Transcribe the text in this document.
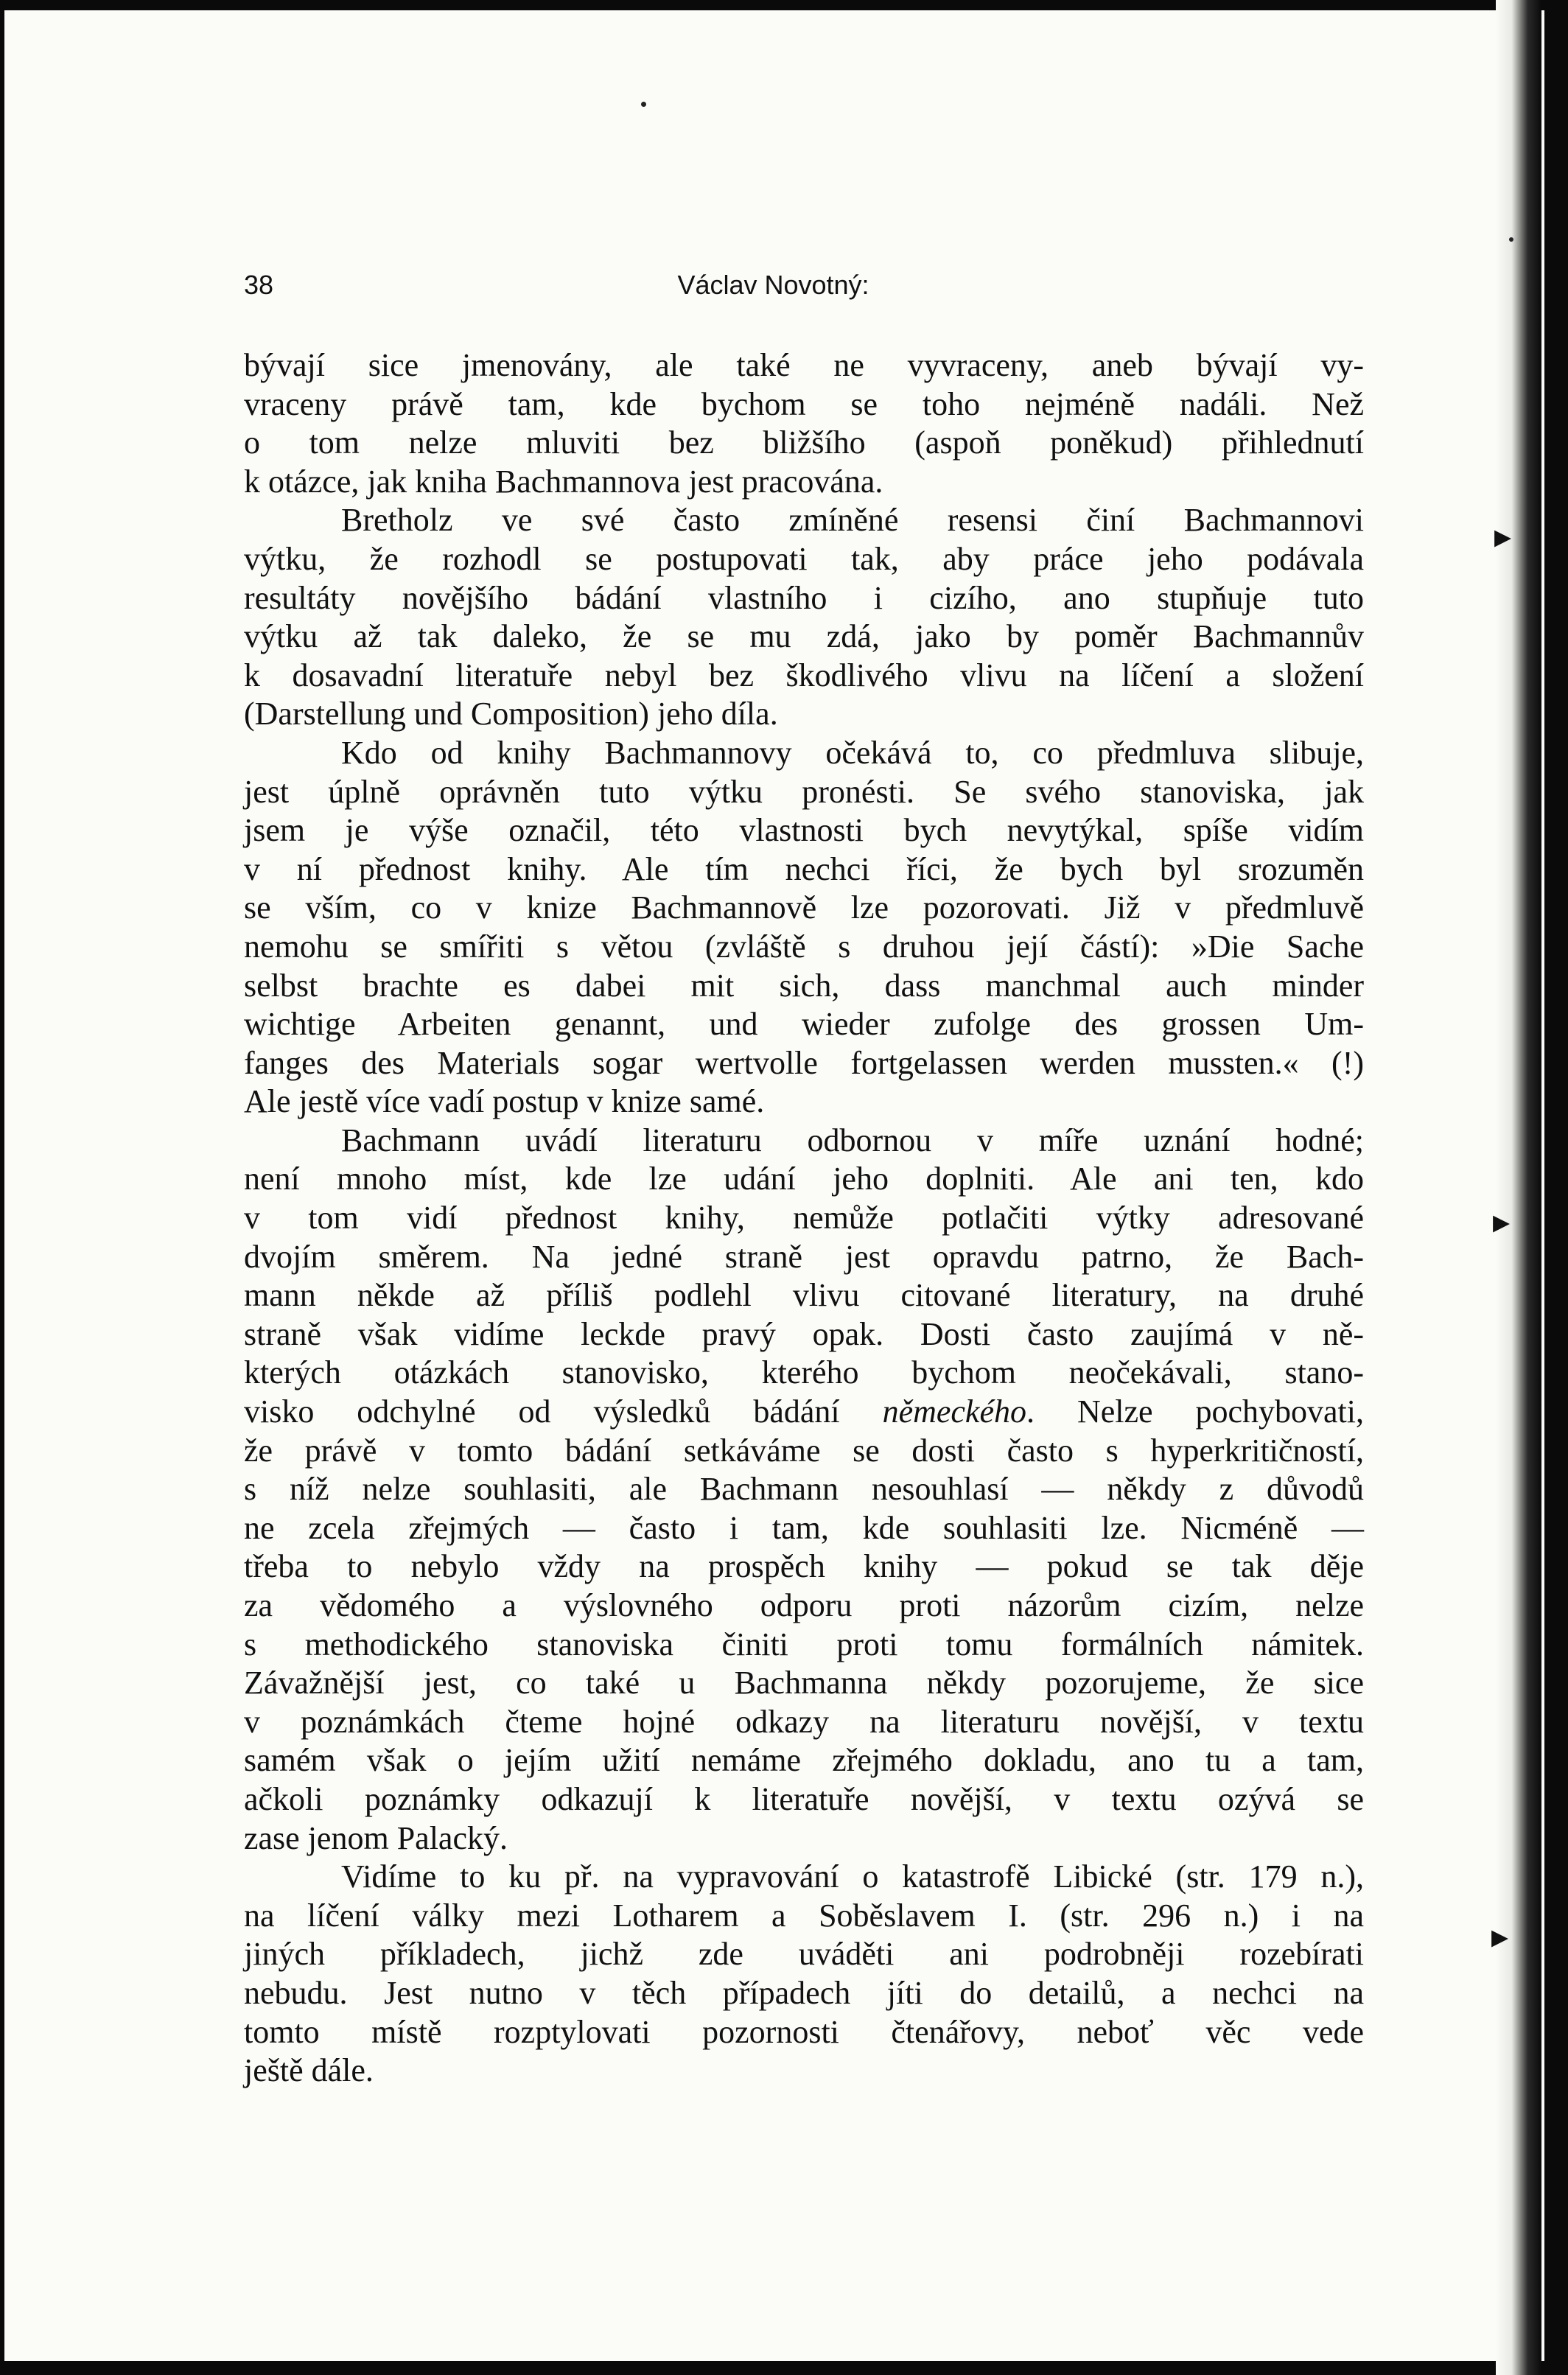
38	Václav Novotný:
bývají sice jmenovány, ale také ne vyvraceny, aneb bývají vy-
vraceny právě tam, kde bychom se toho nejméně nadáli. Než
o tom nelze mluviti bez bližšího (aspoň poněkud) přihlednutí
k otázce, jak kniha Bachmannova jest pracována.
Bretholz ve své často zmíněné resensi činí Bachmannovi
výtku, že rozhodl se postupovati tak, aby práce jeho podávala
resultáty novějšího bádání vlastního i cizího, ano stupňuje tuto
výtku až tak daleko, že se mu zdá, jako by poměr Bachmannův
k dosavadní literatuře nebyl bez škodlivého vlivu na líčení a složení
(Darstellung und Composition) jeho díla.
Kdo od knihy Bachmannovy očekává to, co předmluva slibuje,
jest úplně oprávněn tuto výtku pronésti. Se svého stanoviska, jak
jsem je výše označil, této vlastnosti bych nevytýkal, spíše vidím
v ní přednost knihy. Ale tím nechci říci, že bych byl srozuměn
se vším, co v knize Bachmannově lze pozorovati. Již v předmluvě
nemohu se smířiti s větou (zvláště s druhou její částí): »Die Sache
selbst brachte es dabei mit sich, dass manchmal auch minder
wichtige Arbeiten genannt, und wieder zufolge des grossen Um-
fanges des Materials sogar wertvolle fortgelassen werden mussten.« (!)
Ale jestě více vadí postup v knize samé.
Bachmann uvádí literaturu odbornou v míře uznání hodné;
není mnoho míst, kde lze udání jeho doplniti. Ale ani ten, kdo
v tom vidí přednost knihy, nemůže potlačiti výtky adresované
dvojím směrem. Na jedné straně jest opravdu patrno, že Bach-
mann někde až příliš podlehl vlivu citované literatury, na druhé
straně však vidíme leckde pravý opak. Dosti často zaujímá v ně-
kterých otázkách stanovisko, kterého bychom neočekávali, stano-
visko odchylné od výsledků bádání německého. Nelze pochybovati,
že právě v tomto bádání setkáváme se dosti často s hyperkritičností,
s níž nelze souhlasiti, ale Bachmann nesouhlasí — někdy z důvodů
ne zcela zřejmých — často i tam, kde souhlasiti lze. Nicméně —
třeba to nebylo vždy na prospěch knihy — pokud se tak děje
za vědomého a výslovného odporu proti názorům cizím, nelze
s methodického stanoviska činiti proti tomu formálních námitek.
Závažnější jest, co také u Bachmanna někdy pozorujeme, že sice
v poznámkách čteme hojné odkazy na literaturu novější, v textu
samém však o jejím užití nemáme zřejmého dokladu, ano tu a tam,
ačkoli poznámky odkazují k literatuře novější, v textu ozývá se
zase jenom Palacký.
Vidíme to ku př. na vypravování o katastrofě Libické (str. 179 n.),
na líčení války mezi Lotharem a Soběslavem I. (str. 296 n.) i na
jiných příkladech, jichž zde uváděti ani podrobněji rozebírati
nebudu. Jest nutno v těch případech jíti do detailů, a nechci na
tomto místě rozptylovati pozornosti čtenářovy, neboť věc vede
ještě dále.
▸
▸
▸
